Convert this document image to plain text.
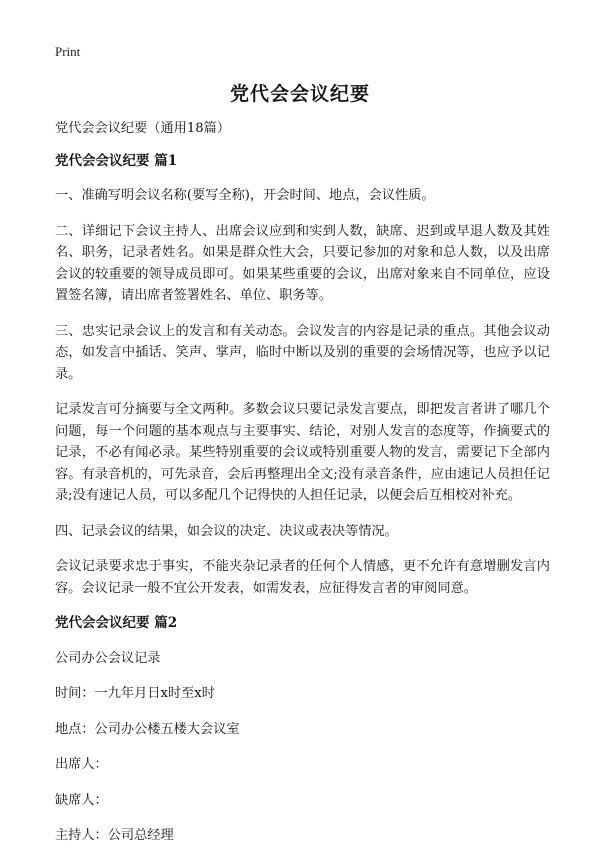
Print
党代会会议纪要

党代会会议纪要（通用18篇）

党代会会议纪要 篇1

一、准确写明会议名称(要写全称)，开会时间、地点，会议性质。

二、详细记下会议主持人、出席会议应到和实到人数，缺席、迟到或早退人数及其姓名、职务，记录者姓名。如果是群众性大会，只要记参加的对象和总人数，以及出席会议的较重要的领导成员即可。如果某些重要的会议，出席对象来自不同单位，应设置签名簿，请出席者签署姓名、单位、职务等。

三、忠实记录会议上的发言和有关动态。会议发言的内容是记录的重点。其他会议动态，如发言中插话、笑声、掌声，临时中断以及别的重要的会场情况等，也应予以记录。

记录发言可分摘要与全文两种。多数会议只要记录发言要点，即把发言者讲了哪几个问题，每一个问题的基本观点与主要事实、结论，对别人发言的态度等，作摘要式的记录，不必有闻必录。某些特别重要的会议或特别重要人物的发言，需要记下全部内容。有录音机的，可先录音，会后再整理出全文;没有录音条件，应由速记人员担任记录;没有速记人员，可以多配几个记得快的人担任记录，以便会后互相校对补充。

四、记录会议的结果，如会议的决定、决议或表决等情况。

会议记录要求忠于事实，不能夹杂记录者的任何个人情感，更不允许有意增删发言内容。会议记录一般不宜公开发表，如需发表，应征得发言者的审阅同意。

党代会会议纪要 篇2

公司办公会议记录

时间：一九年月日x时至x时

地点：公司办公楼五楼大会议室

出席人：

缺席人：

主持人：公司总经理
